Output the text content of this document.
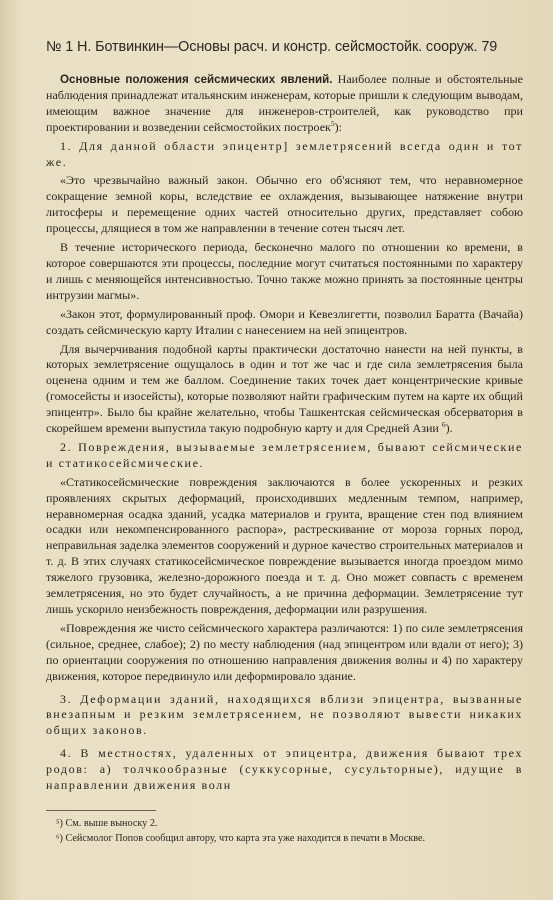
№ 1 Н. Ботвинкин—Основы расч. и констр. сейсмостойк. сооруж. 79

Основные положения сейсмических явлений. Наиболее полные и обстоятельные наблюдения принадлежат итальянским инженерам, которые пришли к следующим выводам, имеющим важное значение для инженеров-строителей, как руководство при проектировании и возведении сейсмостойких построек$^5$):

1. Для данной области эпицентр] землетрясений всегда один и тот же.

«Это чрезвычайно важный закон. Обычно его об'ясняют тем, что неравномерное сокращение земной коры, вследствие ее охлаждения, вызывающее натяжение внутри литосферы и перемещение одних частей относительно других, представляет собою процессы, длящиеся в том же направлении в течение сотен тысяч лет.

В течение исторического периода, бесконечно малого по отношении ко времени, в которое совершаются эти процессы, последние могут считаться постоянными по характеру и лишь с меняющейся интенсивностью. Точно также можно принять за постоянные центры интрузии магмы».

«Закон этот, формулированный проф. Омори и Кевезлигетти, позволил Баратта (Вачайа) создать сейсмическую карту Италии с нанесением на ней эпицентров.

Для вычерчивания подобной карты практически достаточно нанести на ней пункты, в которых землетрясение ощущалось в один и тот же час и где сила землетрясения была оценена одним и тем же баллом. Соединение таких точек дает концентрические кривые (гомосейсты и изосейсты), которые позволяют найти графическим путем на карте их общий эпицентр». Было бы крайне желательно, чтобы Ташкентская сейсмическая обсерватория в скорейшем времени выпустила такую подробную карту и для Средней Азии $^6$).

2. Повреждения, вызываемые землетрясением, бывают сейсмические и статикосейсмические.

«Статикосейсмические повреждения заключаются в более ускоренных и резких проявлениях скрытых деформаций, происходивших медленным темпом, например, неравномерная осадка зданий, усадка материалов и грунта, вращение стен под влиянием осадки или некомпенсированного распора», растрескивание от мороза горных пород, неправильная заделка элементов сооружений и дурное качество строительных материалов и т. д. В этих случаях статикосейсмическое повреждение вызывается иногда проездом мимо тяжелого грузовика, железно-дорожного поезда и т. д. Оно может совпасть с временем землетрясения, но это будет случайность, а не причина деформации. Землетрясение тут лишь ускорило неизбежность повреждения, деформации или разрушения.

«Повреждения же чисто сейсмического характера различаются: 1) по силе землетрясения (сильное, среднее, слабое); 2) по месту наблюдения (над эпицентром или вдали от него); 3) по ориентации сооружения по отношению направления движения волны и 4) по характеру движения, которое передвинуло или деформировало здание.

3. Деформации зданий, находящихся вблизи эпицентра, вызванные внезапным и резким землетрясением, не позволяют вывести никаких общих законов.

4. В местностях, удаленных от эпицентра, движения бывают трех родов: а) толчкообразные (суккусорные, сусульторные), идущие в направлении движения волн

⁵) См. выше выноску 2.

⁶) Сейсмолог Попов сообщил автору, что карта эта уже находится в печати в Москве.
